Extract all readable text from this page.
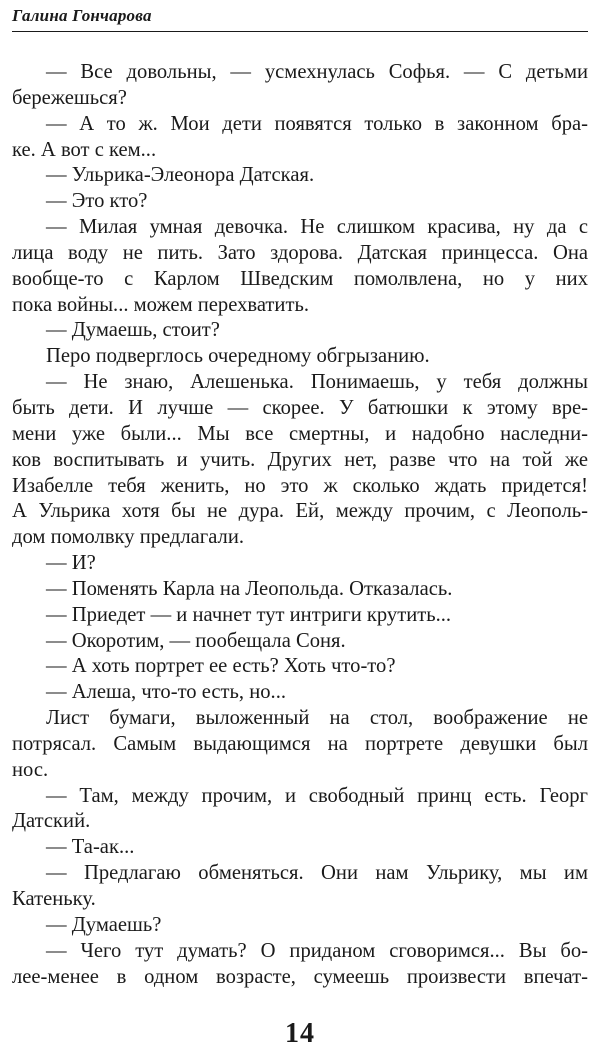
Галина Гончарова
— Все довольны, — усмехнулась Софья. — С детьми
бережешься?
— А то ж. Мои дети появятся только в законном бра-
ке. А вот с кем...
— Ульрика-Элеонора Датская.
— Это кто?
— Милая умная девочка. Не слишком красива, ну да с
лица воду не пить. Зато здорова. Датская принцесса. Она
вообще-то с Карлом Шведским помолвлена, но у них
пока войны... можем перехватить.
— Думаешь, стоит?
Перо подверглось очередному обгрызанию.
— Не знаю, Алешенька. Понимаешь, у тебя должны
быть дети. И лучше — скорее. У батюшки к этому вре-
мени уже были... Мы все смертны, и надобно наследни-
ков воспитывать и учить. Других нет, разве что на той же
Изабелле тебя женить, но это ж сколько ждать придется!
А Ульрика хотя бы не дура. Ей, между прочим, с Леополь-
дом помолвку предлагали.
— И?
— Поменять Карла на Леопольда. Отказалась.
— Приедет — и начнет тут интриги крутить...
— Окоротим, — пообещала Соня.
— А хоть портрет ее есть? Хоть что-то?
— Алеша, что-то есть, но...
Лист бумаги, выложенный на стол, воображение не
потрясал. Самым выдающимся на портрете девушки был
нос.
— Там, между прочим, и свободный принц есть. Георг
Датский.
— Та-ак...
— Предлагаю обменяться. Они нам Ульрику, мы им
Катеньку.
— Думаешь?
— Чего тут думать? О приданом сговоримся... Вы бо-
лее-менее в одном возрасте, сумеешь произвести впечат-
14
